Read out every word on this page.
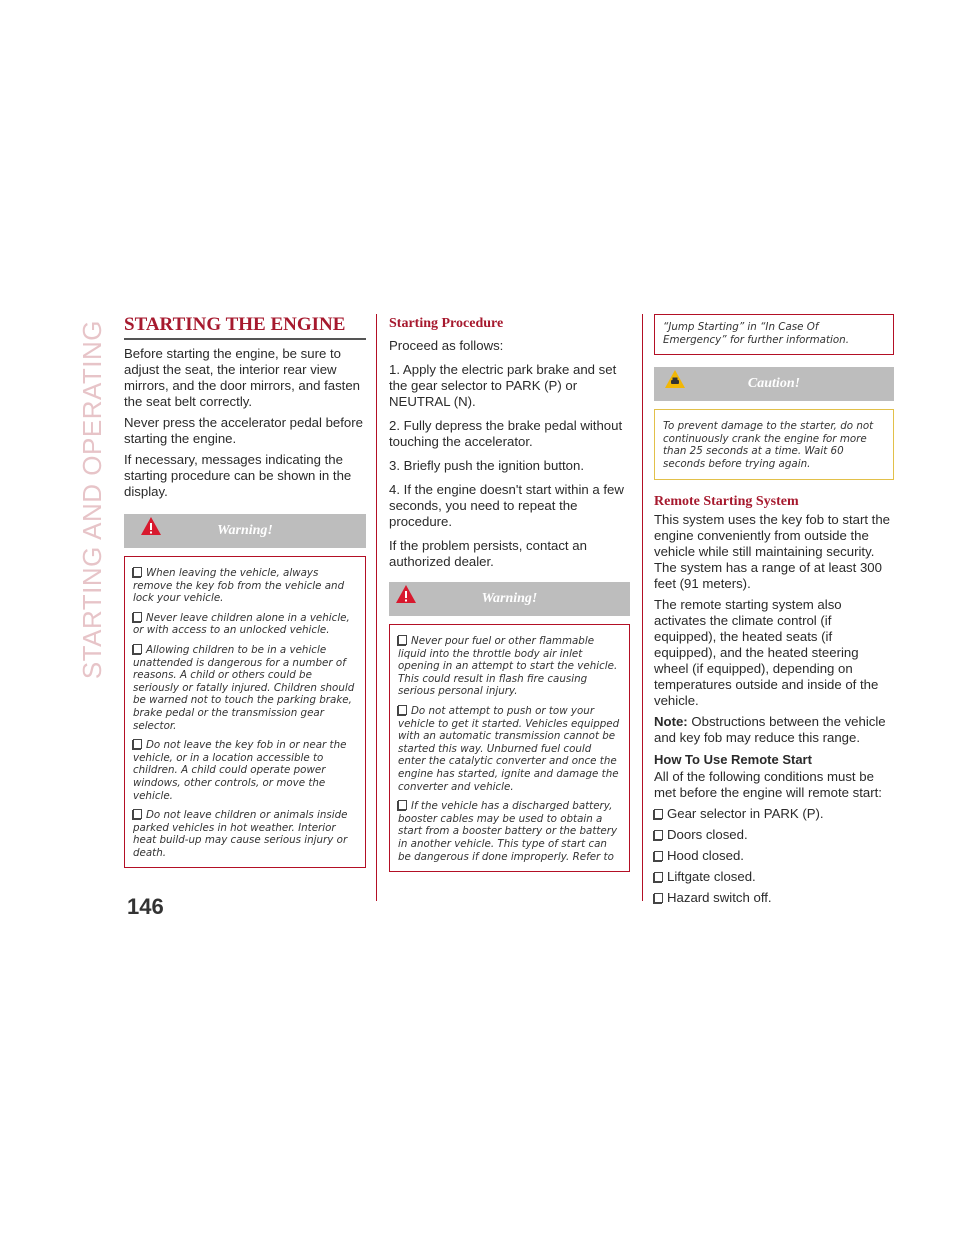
STARTING AND OPERATING
146
STARTING THE ENGINE

Before starting the engine, be sure to adjust the seat, the interior rear view mirrors, and the door mirrors, and fasten the seat belt correctly.

Never press the accelerator pedal before starting the engine.

If necessary, messages indicating the starting procedure can be shown in the display.

Warning!

When leaving the vehicle, always remove the key fob from the vehicle and lock your vehicle.

Never leave children alone in a vehicle, or with access to an unlocked vehicle.

Allowing children to be in a vehicle unattended is dangerous for a number of reasons. A child or others could be seriously or fatally injured. Children should be warned not to touch the parking brake, brake pedal or the transmission gear selector.

Do not leave the key fob in or near the vehicle, or in a location accessible to children. A child could operate power windows, other controls, or move the vehicle.

Do not leave children or animals inside parked vehicles in hot weather. Interior heat build-up may cause serious injury or death.

Starting Procedure

Proceed as follows:

1. Apply the electric park brake and set the gear selector to PARK (P) or NEUTRAL (N).

2. Fully depress the brake pedal without touching the accelerator.

3. Briefly push the ignition button.

4. If the engine doesn't start within a few seconds, you need to repeat the procedure.

If the problem persists, contact an authorized dealer.

Warning!

Never pour fuel or other flammable liquid into the throttle body air inlet opening in an attempt to start the vehicle. This could result in flash fire causing serious personal injury.

Do not attempt to push or tow your vehicle to get it started. Vehicles equipped with an automatic transmission cannot be started this way. Unburned fuel could enter the catalytic converter and once the engine has started, ignite and damage the converter and vehicle.

If the vehicle has a discharged battery, booster cables may be used to obtain a start from a booster battery or the battery in another vehicle. This type of start can be dangerous if done improperly. Refer to

“Jump Starting” in “In Case Of Emergency” for further information.

Caution!

To prevent damage to the starter, do not continuously crank the engine for more than 25 seconds at a time. Wait 60 seconds before trying again.

Remote Starting System

This system uses the key fob to start the engine conveniently from outside the vehicle while still maintaining security. The system has a range of at least 300 feet (91 meters).

The remote starting system also activates the climate control (if equipped), the heated seats (if equipped), and the heated steering wheel (if equipped), depending on temperatures outside and inside of the vehicle.

Note: Obstructions between the vehicle and key fob may reduce this range.

How To Use Remote Start

All of the following conditions must be met before the engine will remote start:

Gear selector in PARK (P).

Doors closed.

Hood closed.

Liftgate closed.

Hazard switch off.
